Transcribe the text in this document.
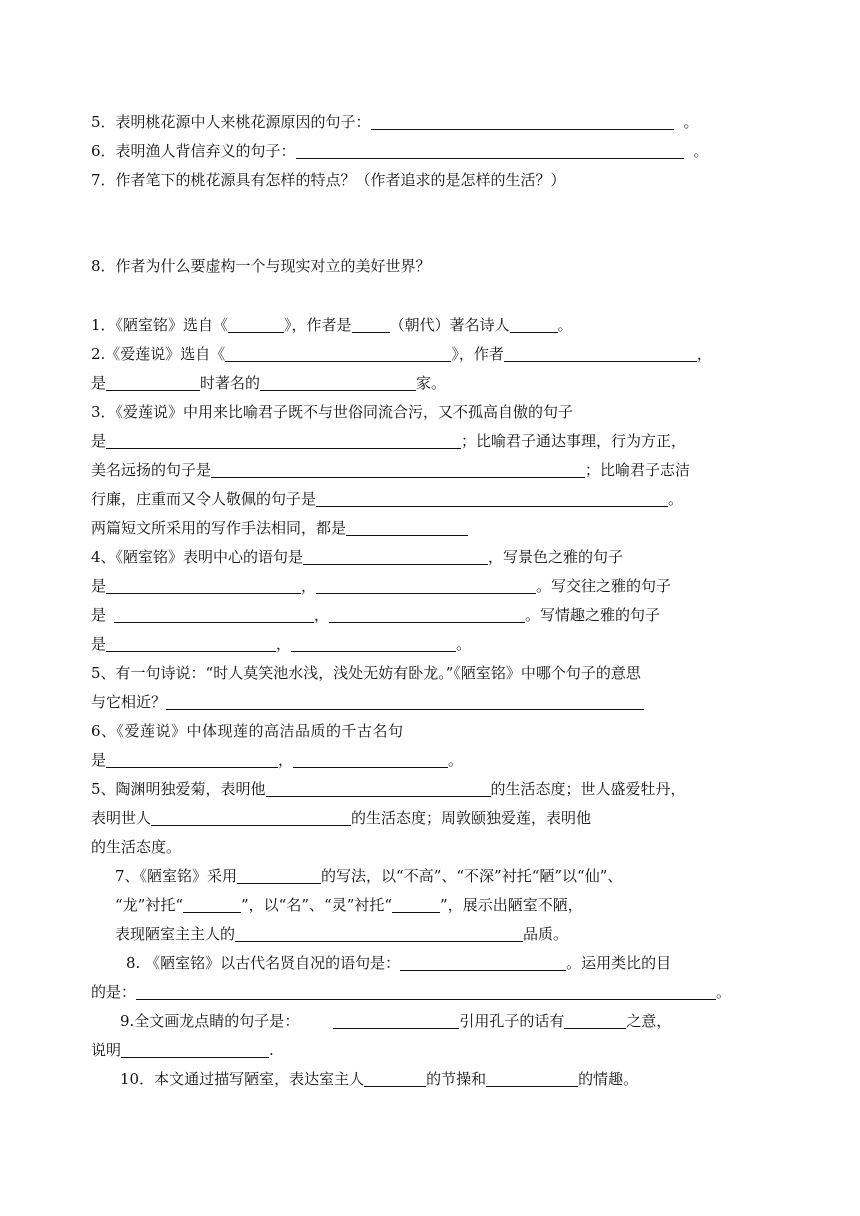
5．表明桃花源中人来桃花源原因的句子：	。
6．表明渔人背信弃义的句子：	。
7．作者笔下的桃花源具有怎样的特点？（作者追求的是怎样的生活？）
8．作者为什么要虚构一个与现实对立的美好世界？
1．《陋室铭》选自《	》，作者是	（朝代）著名诗人	。
2.《爱莲说》选自《	》，作者	，
是	时著名的	家。
3．《爱莲说》中用来比喻君子既不与世俗同流合污，又不孤高自傲的句子
是	；比喻君子通达事理，行为方正，
美名远扬的句子是	；比喻君子志洁
行廉，庄重而又令人敬佩的句子是	。
两篇短文所采用的写作手法相同，都是
4、《陋室铭》表明中心的语句是	，写景色之雅的句子
是	，	。写交往之雅的句子
是	，	。写情趣之雅的句子
是	，	。
5、有一句诗说：“时人莫笑池水浅，浅处无妨有卧龙。”《陋室铭》中哪个句子的意思
与它相近？
6、《爱莲说》中体现莲的高洁品质的千古名句
是	，	。
5、陶渊明独爱菊，表明他	的生活态度；世人盛爱牡丹，
表明世人	的生活态度；周敦颐独爱莲，表明他
的生活态度。
7、《陋室铭》采用	的写法，以“不高”、“不深”衬托“陋”以“仙”、
“龙”衬托“	”，以“名”、“灵”衬托“	”，展示出陋室不陋，
表现陋室主主人的	品质。
8. 《陋室铭》以古代名贤自况的语句是：	。运用类比的目
的是：	。
9.全文画龙点睛的句子是：	引用孔子的话有	之意，
说明	.
10．本文通过描写陋室，表达室主人	的节操和	的情趣。
